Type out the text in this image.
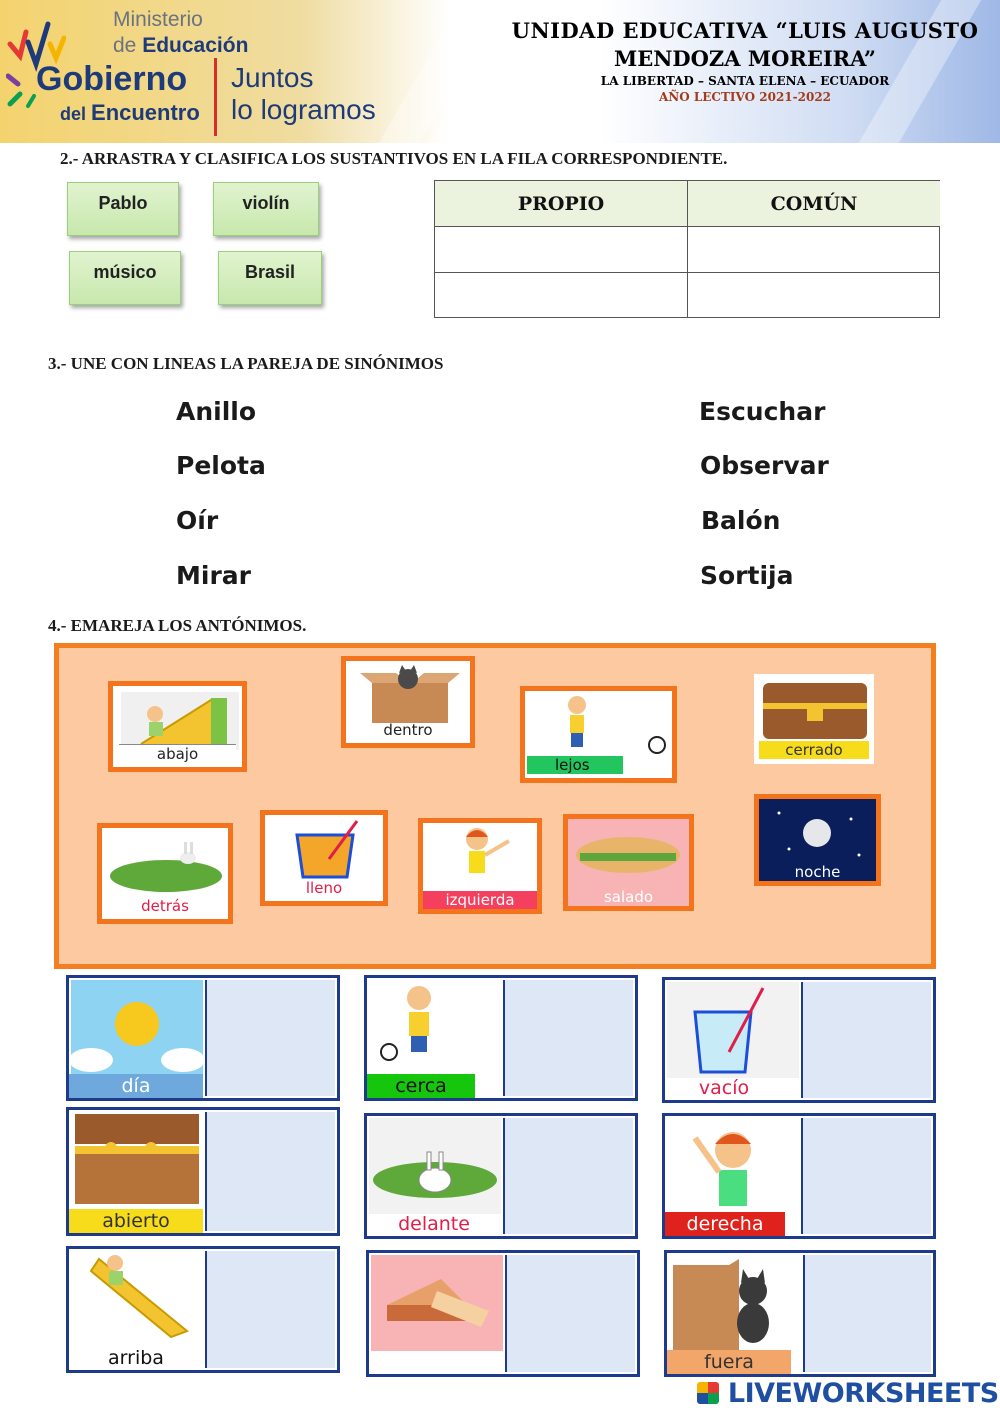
Ministerio
de Educación
Gobierno
del Encuentro
Juntos
lo logramos
UNIDAD EDUCATIVA “LUIS AUGUSTO
MENDOZA MOREIRA”
LA LIBERTAD – SANTA ELENA – ECUADOR
AÑO LECTIVO 2021-2022
2.- ARRASTRA Y CLASIFICA LOS SUSTANTIVOS EN LA FILA CORRESPONDIENTE.
Pablo	violín
músico	Brasil
PROPIO	COMÚN
3.- UNE CON LINEAS LA PAREJA DE SINÓNIMOS
Anillo
Pelota
Oír
Mirar
Escuchar
Observar
Balón
Sortija
4.- EMAREJA LOS ANTÓNIMOS.
abajo
dentro
lejos
cerrado
detrás
lleno
izquierda	salado
noche
día	cerca	vacío
abierto	delante	derecha
arriba	dulce	fuera
LIVEWORKSHEETS
